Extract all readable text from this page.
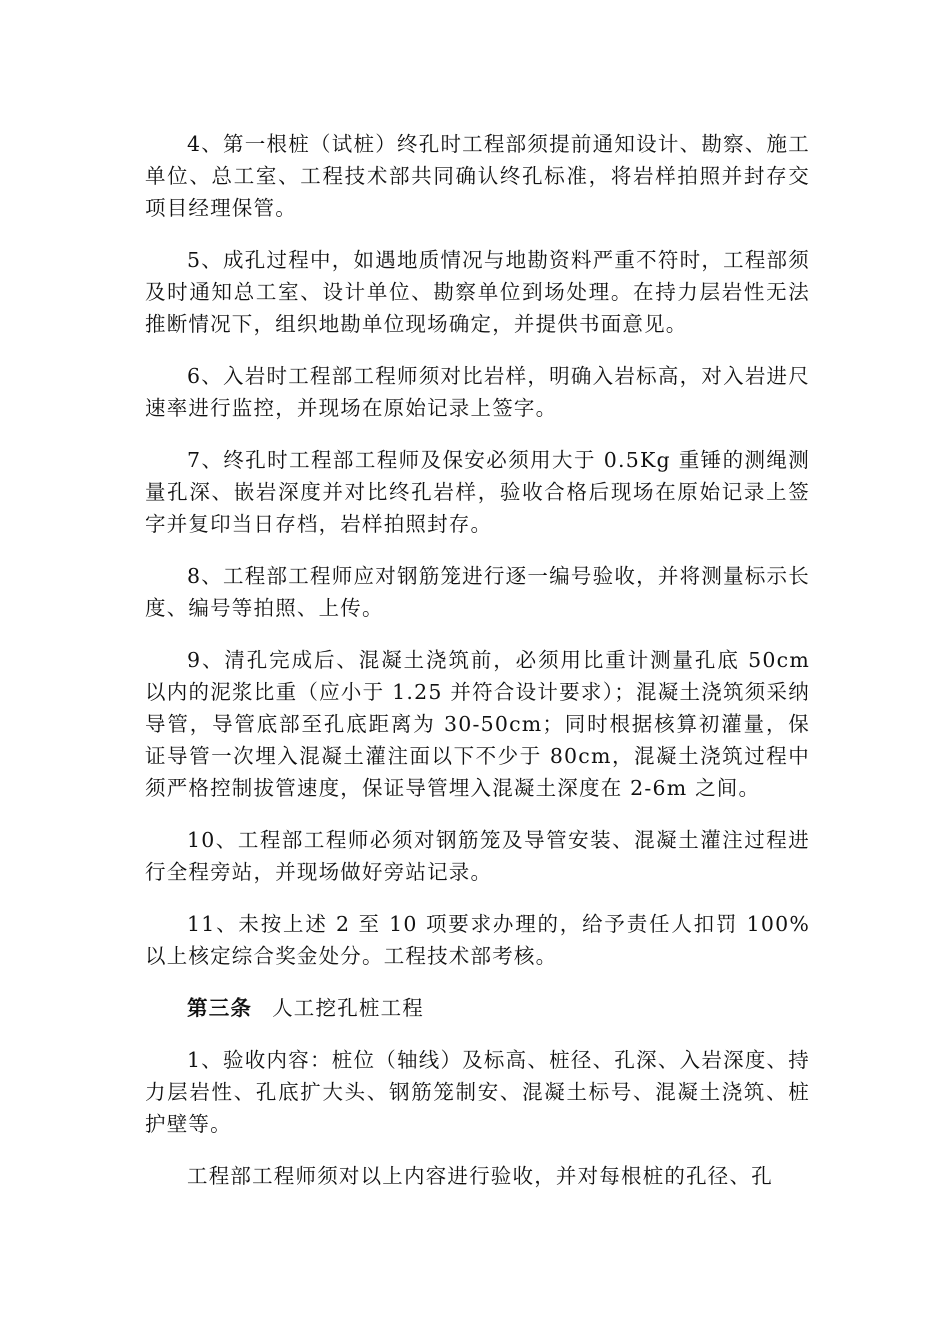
4、第一根桩（试桩）终孔时工程部须提前通知设计、勘察、施工单位、总工室、工程技术部共同确认终孔标准，将岩样拍照并封存交项目经理保管。

5、成孔过程中，如遇地质情况与地勘资料严重不符时，工程部须及时通知总工室、设计单位、勘察单位到场处理。在持力层岩性无法推断情况下，组织地勘单位现场确定，并提供书面意见。

6、入岩时工程部工程师须对比岩样，明确入岩标高，对入岩进尺速率进行监控，并现场在原始记录上签字。

7、终孔时工程部工程师及保安必须用大于 0.5Kg 重锤的测绳测量孔深、嵌岩深度并对比终孔岩样，验收合格后现场在原始记录上签字并复印当日存档，岩样拍照封存。

8、工程部工程师应对钢筋笼进行逐一编号验收，并将测量标示长度、编号等拍照、上传。

9、清孔完成后、混凝土浇筑前，必须用比重计测量孔底 50cm 以内的泥浆比重（应小于 1.25 并符合设计要求）；混凝土浇筑须采纳导管，导管底部至孔底距离为 30-50cm；同时根据核算初灌量，保证导管一次埋入混凝土灌注面以下不少于 80cm，混凝土浇筑过程中须严格控制拔管速度，保证导管埋入混凝土深度在 2-6m 之间。

10、工程部工程师必须对钢筋笼及导管安装、混凝土灌注过程进行全程旁站，并现场做好旁站记录。

11、未按上述 2 至 10 项要求办理的，给予责任人扣罚 100%以上核定综合奖金处分。工程技术部考核。

第三条 人工挖孔桩工程

1、验收内容：桩位（轴线）及标高、桩径、孔深、入岩深度、持力层岩性、孔底扩大头、钢筋笼制安、混凝土标号、混凝土浇筑、桩护壁等。

工程部工程师须对以上内容进行验收，并对每根桩的孔径、孔
